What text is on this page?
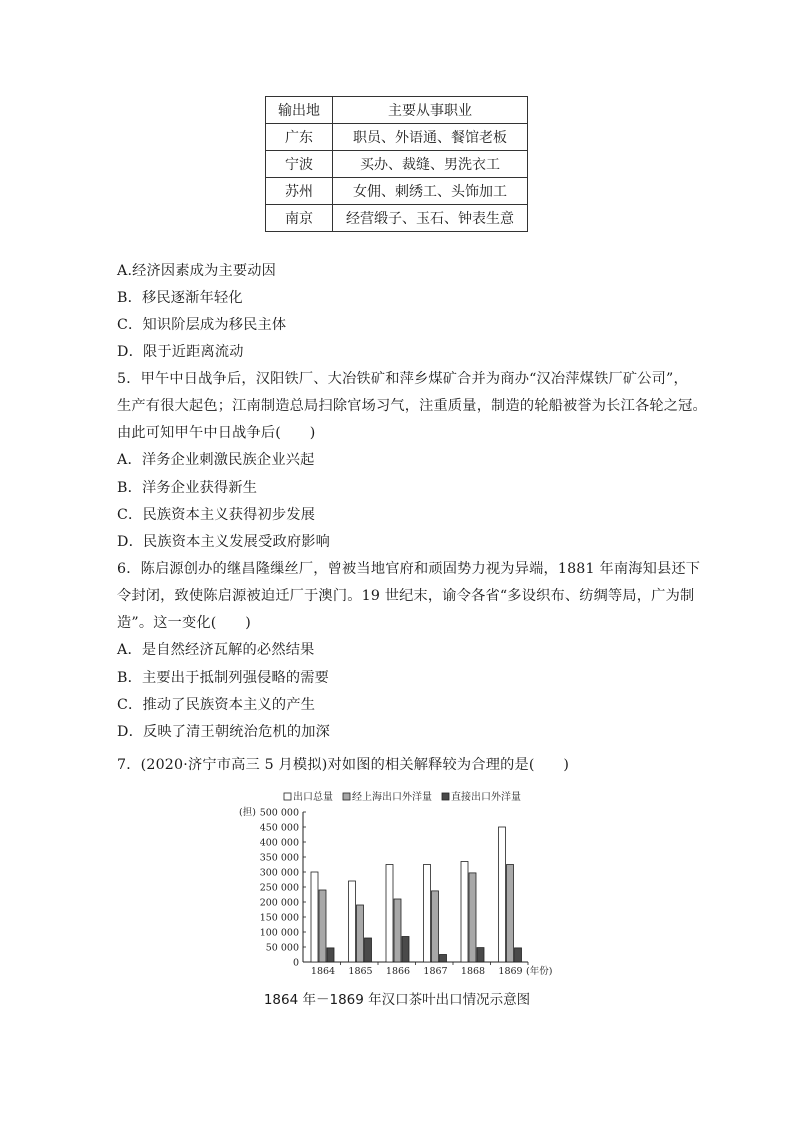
输出地	主要从事职业
广东	职员、外语通、餐馆老板
宁波	买办、裁缝、男洗衣工
苏州	女佣、刺绣工、头饰加工
南京	经营缎子、玉石、钟表生意
A.经济因素成为主要动因
B．移民逐渐年轻化
C．知识阶层成为移民主体
D．限于近距离流动
5．甲午中日战争后，汉阳铁厂、大冶铁矿和萍乡煤矿合并为商办“汉冶萍煤铁厂矿公司”，
生产有很大起色；江南制造总局扫除官场习气，注重质量，制造的轮船被誉为长江各轮之冠。
由此可知甲午中日战争后(　　)
A．洋务企业刺激民族企业兴起
B．洋务企业获得新生
C．民族资本主义获得初步发展
D．民族资本主义发展受政府影响
6．陈启源创办的继昌隆缫丝厂，曾被当地官府和顽固势力视为异端，1881 年南海知县还下
令封闭，致使陈启源被迫迁厂于澳门。19 世纪末，谕令各省“多设织布、纺绸等局，广为制
造”。这一变化(　　)
A．是自然经济瓦解的必然结果
B．主要出于抵制列强侵略的需要
C．推动了民族资本主义的产生
D．反映了清王朝统治危机的加深
7．(2020·济宁市高三 5 月模拟)对如图的相关解释较为合理的是(　　)
出口总量 经上海出口外洋量 直接出口外洋量
(担)
0
50 000
100 000
150 000
200 000
250 000
300 000
350 000
400 000
450 000
500 000
1864 1865 1866 1867 1868 1869 (年份)
1864 年－1869 年汉口茶叶出口情况示意图
